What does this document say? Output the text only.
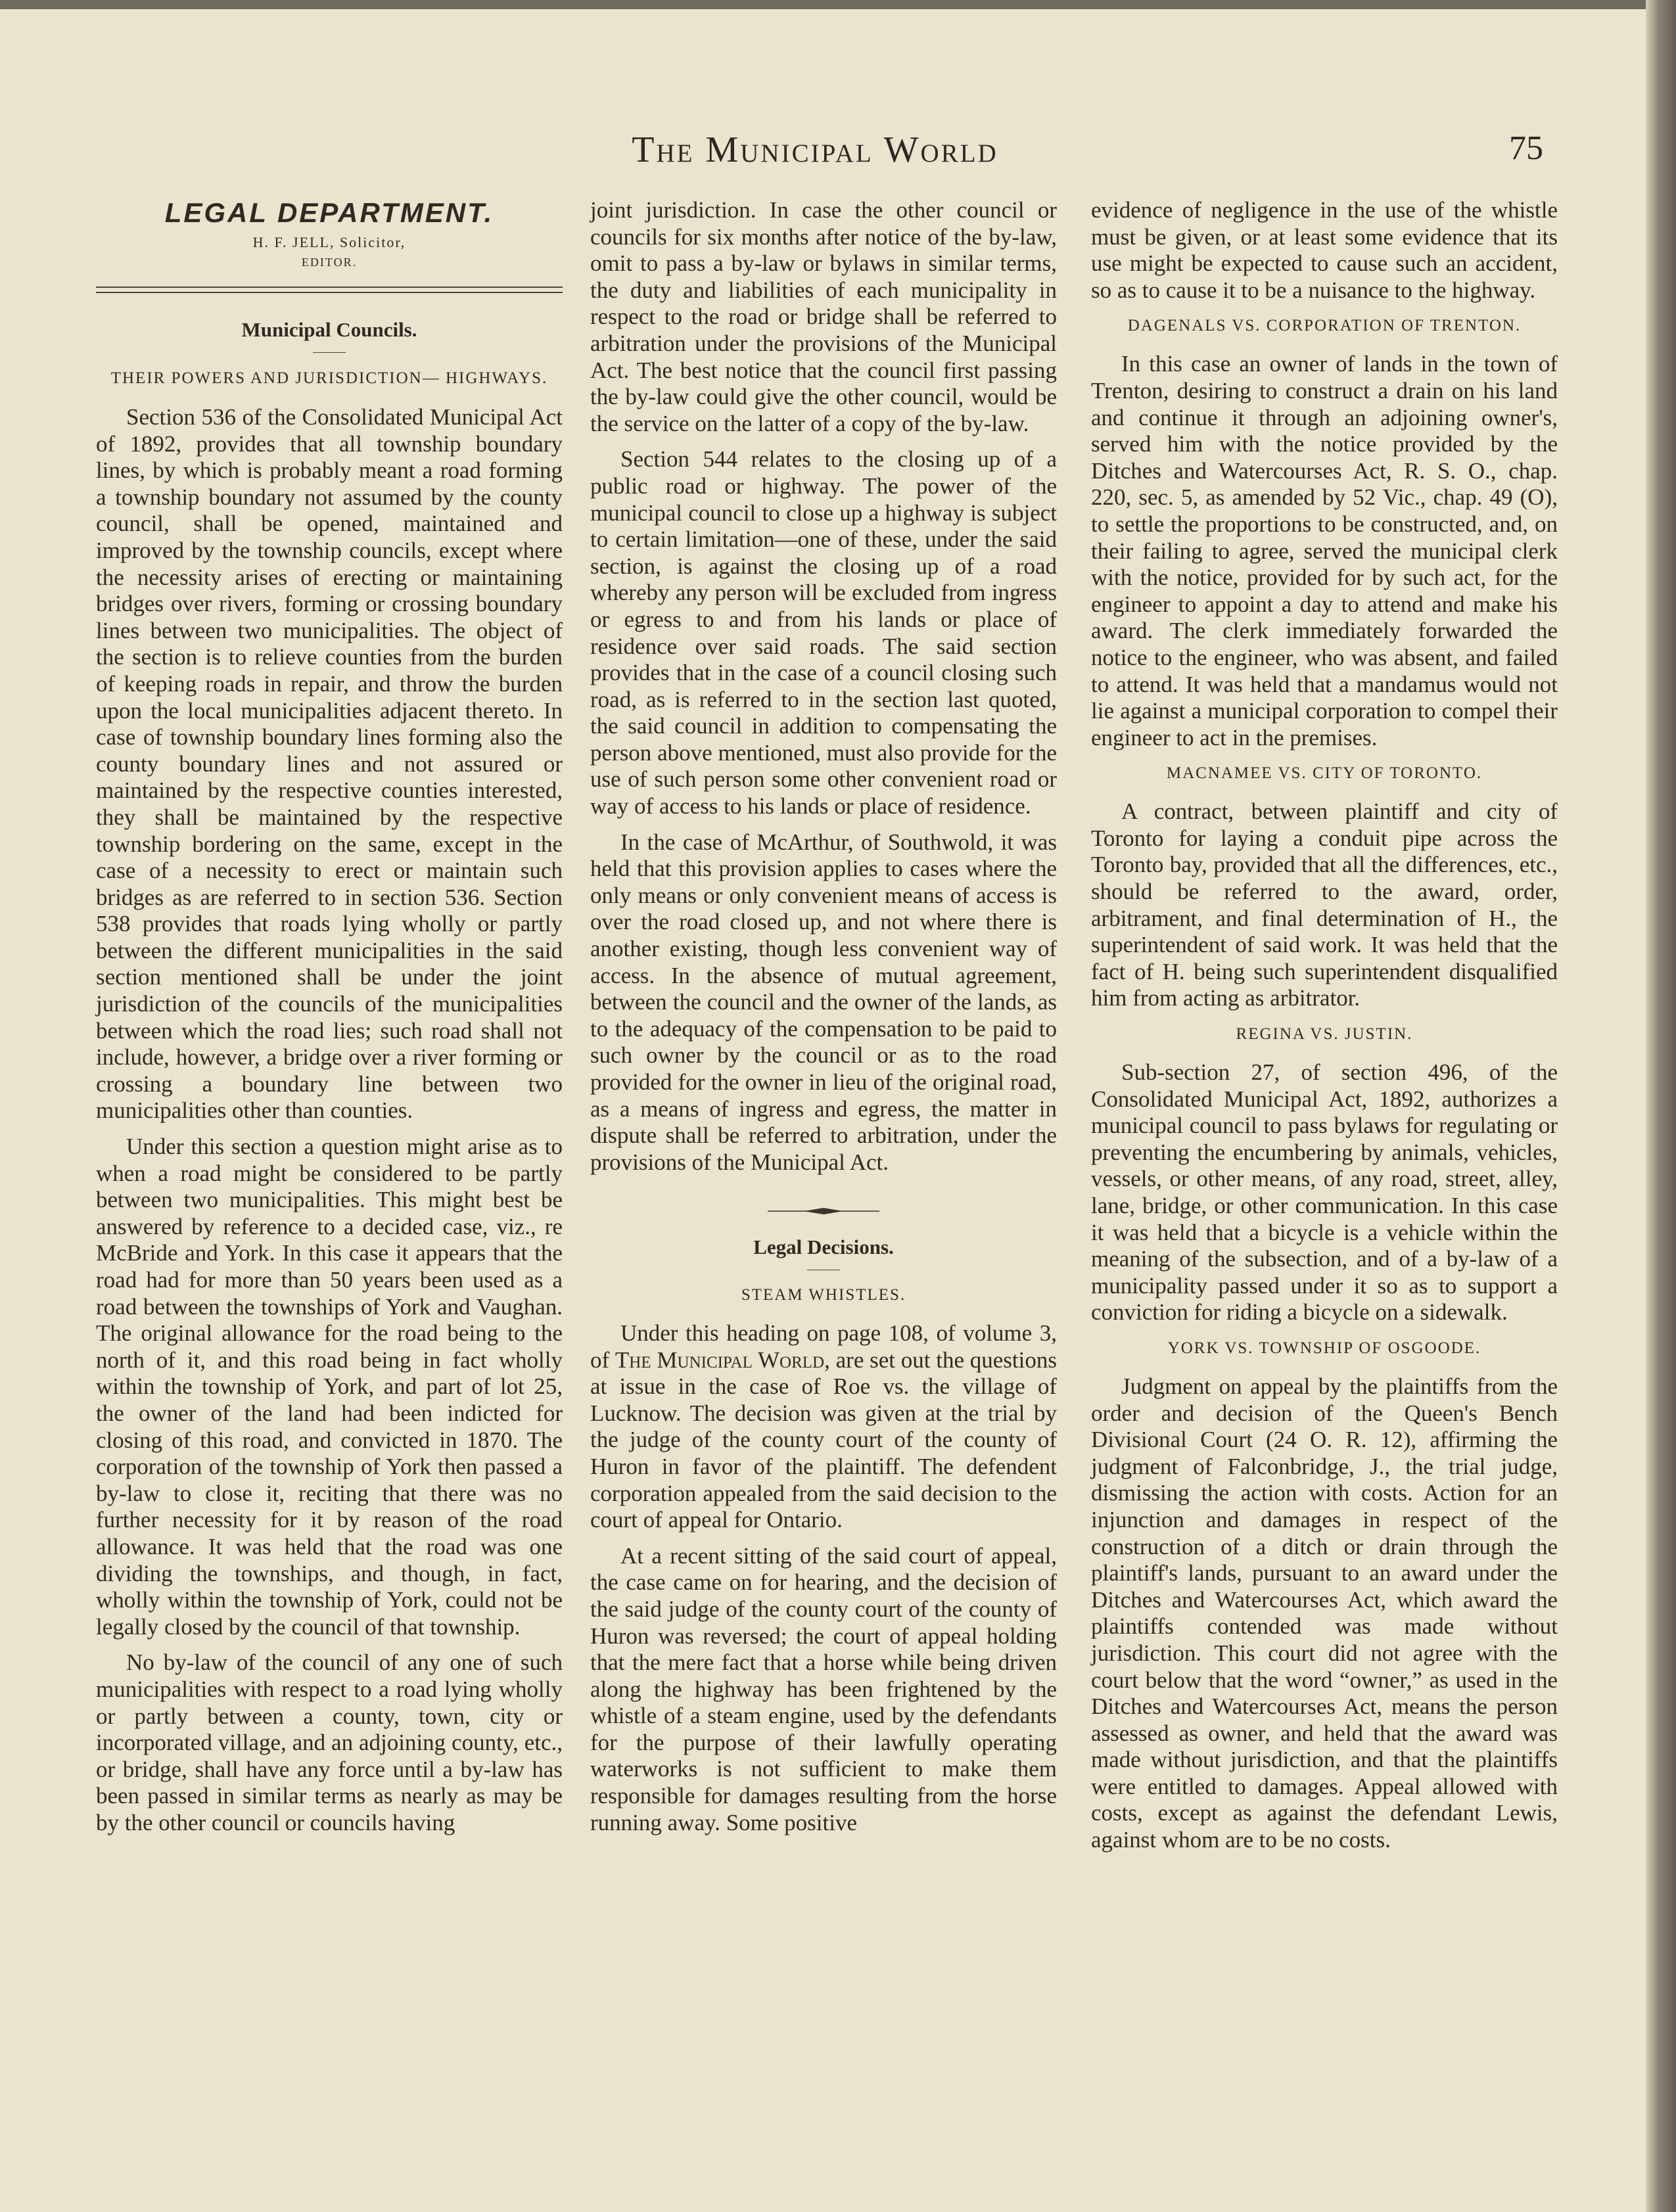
The Municipal World	75
LEGAL DEPARTMENT.
H. F. JELL, Solicitor,
EDITOR.
Municipal Councils.
THEIR POWERS AND JURISDICTION— HIGHWAYS.

Section 536 of the Consolidated Municipal Act of 1892, provides that all township boundary lines, by which is probably meant a road forming a township boundary not assumed by the county council, shall be opened, maintained and improved by the township councils, except where the necessity arises of erecting or maintaining bridges over rivers, forming or crossing boundary lines between two municipalities. The object of the section is to relieve counties from the burden of keeping roads in repair, and throw the burden upon the local municipalities adjacent thereto. In case of township boundary lines forming also the county boundary lines and not assured or maintained by the respective counties interested, they shall be maintained by the respective township bordering on the same, except in the case of a necessity to erect or maintain such bridges as are referred to in section 536. Section 538 provides that roads lying wholly or partly between the different municipalities in the said section mentioned shall be under the joint jurisdiction of the councils of the municipalities between which the road lies; such road shall not include, however, a bridge over a river forming or crossing a boundary line between two municipalities other than counties.

Under this section a question might arise as to when a road might be considered to be partly between two municipalities. This might best be answered by reference to a decided case, viz., re McBride and York. In this case it appears that the road had for more than 50 years been used as a road between the townships of York and Vaughan. The original allowance for the road being to the north of it, and this road being in fact wholly within the township of York, and part of lot 25, the owner of the land had been indicted for closing of this road, and convicted in 1870. The corporation of the township of York then passed a by-law to close it, reciting that there was no further necessity for it by reason of the road allowance. It was held that the road was one dividing the townships, and though, in fact, wholly within the township of York, could not be legally closed by the council of that township.

No by-law of the council of any one of such municipalities with respect to a road lying wholly or partly between a county, town, city or incorporated village, and an adjoining county, etc., or bridge, shall have any force until a by-law has been passed in similar terms as nearly as may be by the other council or councils having

joint jurisdiction. In case the other council or councils for six months after notice of the by-law, omit to pass a by-law or bylaws in similar terms, the duty and liabilities of each municipality in respect to the road or bridge shall be referred to arbitration under the provisions of the Municipal Act. The best notice that the council first passing the by-law could give the other council, would be the service on the latter of a copy of the by-law.

Section 544 relates to the closing up of a public road or highway. The power of the municipal council to close up a highway is subject to certain limitation—one of these, under the said section, is against the closing up of a road whereby any person will be excluded from ingress or egress to and from his lands or place of residence over said roads. The said section provides that in the case of a council closing such road, as is referred to in the section last quoted, the said council in addition to compensating the person above mentioned, must also provide for the use of such person some other convenient road or way of access to his lands or place of residence.

In the case of McArthur, of Southwold, it was held that this provision applies to cases where the only means or only convenient means of access is over the road closed up, and not where there is another existing, though less convenient way of access. In the absence of mutual agreement, between the council and the owner of the lands, as to the adequacy of the compensation to be paid to such owner by the council or as to the road provided for the owner in lieu of the original road, as a means of ingress and egress, the matter in dispute shall be referred to arbitration, under the provisions of the Municipal Act.

Legal Decisions.
STEAM WHISTLES.

Under this heading on page 108, of volume 3, of The Municipal World, are set out the questions at issue in the case of Roe vs. the village of Lucknow. The decision was given at the trial by the judge of the county court of the county of Huron in favor of the plaintiff. The defendent corporation appealed from the said decision to the court of appeal for Ontario.

At a recent sitting of the said court of appeal, the case came on for hearing, and the decision of the said judge of the county court of the county of Huron was reversed; the court of appeal holding that the mere fact that a horse while being driven along the highway has been frightened by the whistle of a steam engine, used by the defendants for the purpose of their lawfully operating waterworks is not sufficient to make them responsible for damages resulting from the horse running away. Some positive

evidence of negligence in the use of the whistle must be given, or at least some evidence that its use might be expected to cause such an accident, so as to cause it to be a nuisance to the highway.

DAGENALS VS. CORPORATION OF TRENTON.

In this case an owner of lands in the town of Trenton, desiring to construct a drain on his land and continue it through an adjoining owner's, served him with the notice provided by the Ditches and Watercourses Act, R. S. O., chap. 220, sec. 5, as amended by 52 Vic., chap. 49 (O), to settle the proportions to be constructed, and, on their failing to agree, served the municipal clerk with the notice, provided for by such act, for the engineer to appoint a day to attend and make his award. The clerk immediately forwarded the notice to the engineer, who was absent, and failed to attend. It was held that a mandamus would not lie against a municipal corporation to compel their engineer to act in the premises.

MACNAMEE VS. CITY OF TORONTO.

A contract, between plaintiff and city of Toronto for laying a conduit pipe across the Toronto bay, provided that all the differences, etc., should be referred to the award, order, arbitrament, and final determination of H., the superintendent of said work. It was held that the fact of H. being such superintendent disqualified him from acting as arbitrator.

REGINA VS. JUSTIN.

Sub-section 27, of section 496, of the Consolidated Municipal Act, 1892, authorizes a municipal council to pass bylaws for regulating or preventing the encumbering by animals, vehicles, vessels, or other means, of any road, street, alley, lane, bridge, or other communication. In this case it was held that a bicycle is a vehicle within the meaning of the subsection, and of a by-law of a municipality passed under it so as to support a conviction for riding a bicycle on a sidewalk.

YORK VS. TOWNSHIP OF OSGOODE.

Judgment on appeal by the plaintiffs from the order and decision of the Queen's Bench Divisional Court (24 O. R. 12), affirming the judgment of Falconbridge, J., the trial judge, dismissing the action with costs. Action for an injunction and damages in respect of the construction of a ditch or drain through the plaintiff's lands, pursuant to an award under the Ditches and Watercourses Act, which award the plaintiffs contended was made without jurisdiction. This court did not agree with the court below that the word “owner,” as used in the Ditches and Watercourses Act, means the person assessed as owner, and held that the award was made without jurisdiction, and that the plaintiffs were entitled to damages. Appeal allowed with costs, except as against the defendant Lewis, against whom are to be no costs.
